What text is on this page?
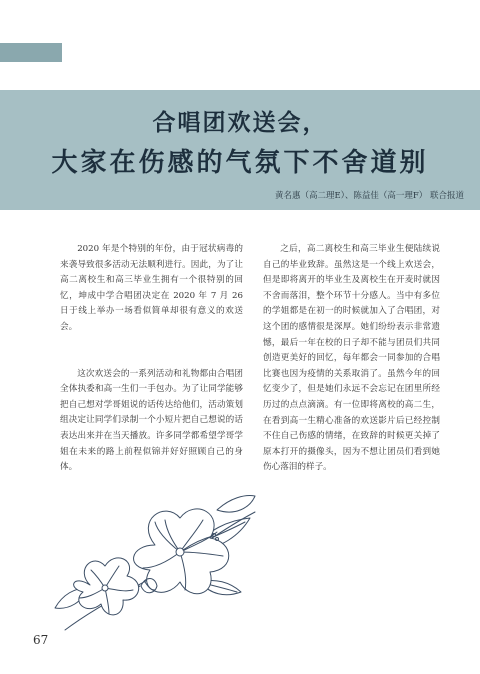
合唱团欢送会，
大家在伤感的气氛下不舍道别
黄名惠（高二理E）、陈益佳（高一理F） 联合报道

2020 年是个特别的年份，由于冠状病毒的来袭导致很多活动无法顺利进行。因此，为了让高二离校生和高三毕业生拥有一个很特别的回忆，坤成中学合唱团决定在 2020 年 7 月 26 日于线上举办一场看似简单却很有意义的欢送会。

这次欢送会的一系列活动和礼物都由合唱团全体执委和高一生们一手包办。为了让同学能够把自己想对学哥姐说的话传达给他们，活动策划组决定让同学们录制一个小短片把自己想说的话表达出来并在当天播放。许多同学都希望学哥学姐在未来的路上前程似锦并好好照顾自己的身体。

之后，高二离校生和高三毕业生便陆续说自己的毕业致辞。虽然这是一个线上欢送会，但是即将离开的毕业生及离校生在开麦时就因不舍而落泪，整个环节十分感人。当中有多位的学姐都是在初一的时候就加入了合唱团，对这个团的感情很是深厚。她们纷纷表示非常遗憾，最后一年在校的日子却不能与团员们共同创造更美好的回忆，每年都会一同参加的合唱比赛也因为疫情的关系取消了。虽然今年的回忆变少了，但是她们永远不会忘记在团里所经历过的点点滴滴。有一位即将离校的高二生，在看到高一生精心准备的欢送影片后已经控制不住自己伤感的情绪，在致辞的时候更关掉了原本打开的摄像头，因为不想让团员们看到她伤心落泪的样子。

67
